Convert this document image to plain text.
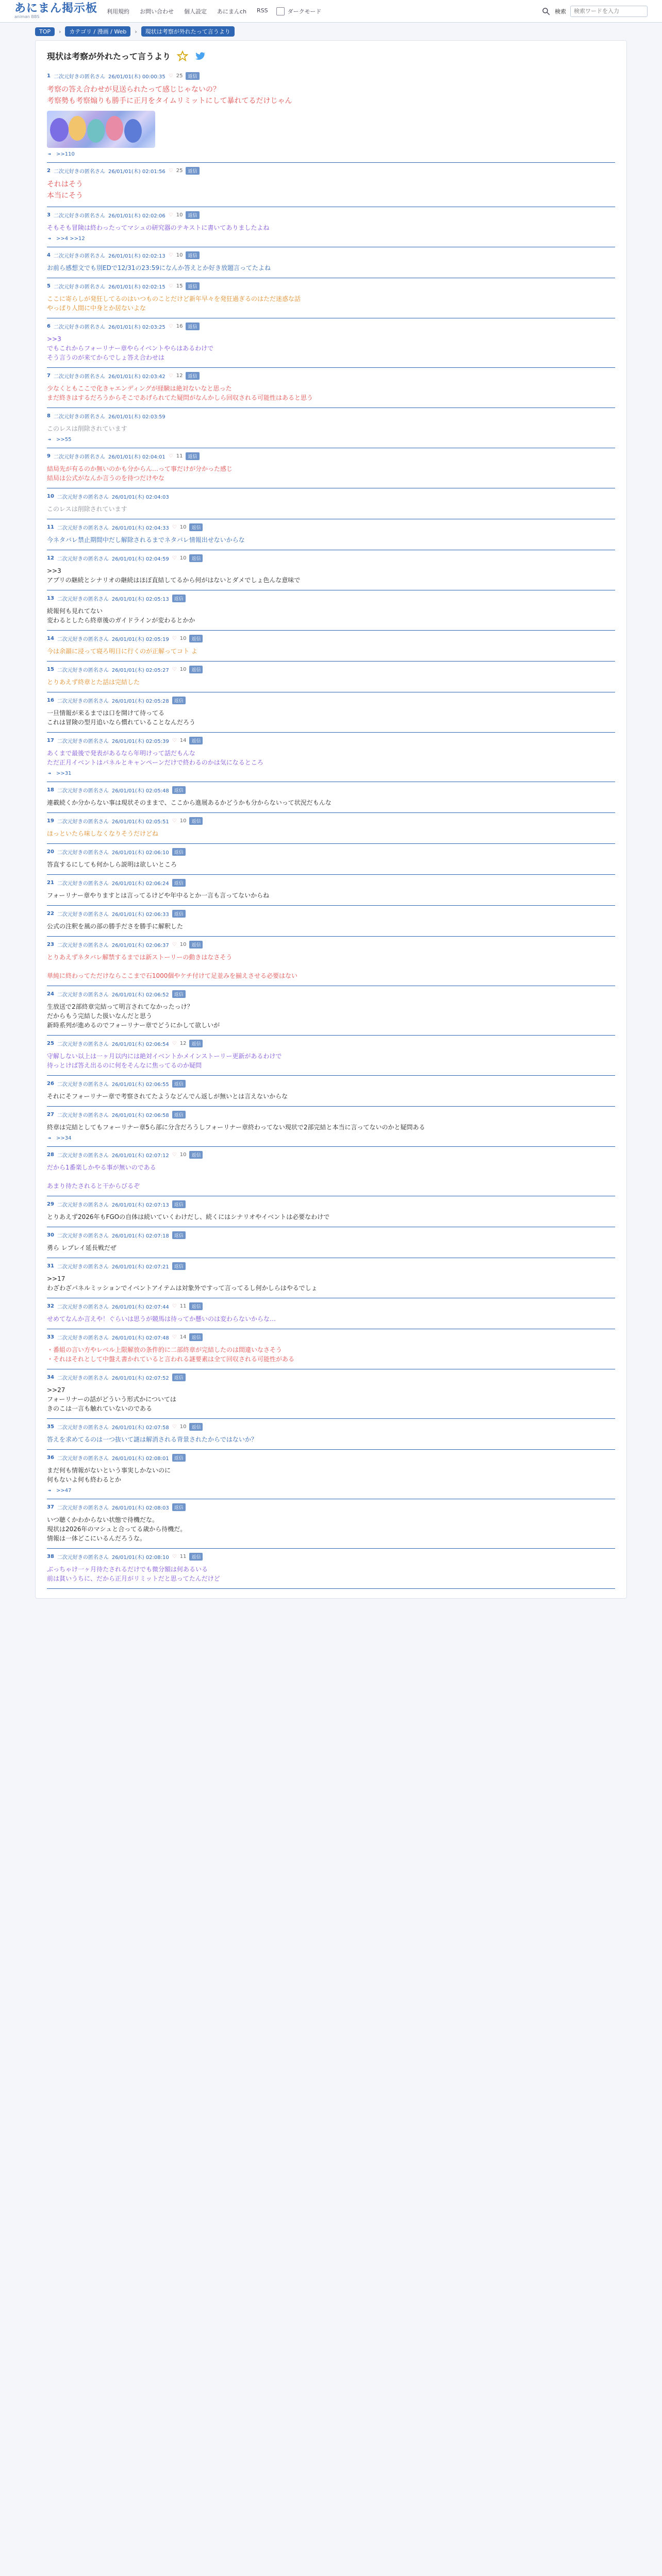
あにまん掲示板
animan BBS
利用規約 お問い合わせ 個人設定 あにまんch RSS	ダークモード	検索
検索ワードを入力
TOP	›	カテゴリ / 漫画 / Web	›	現状は考察が外れたって言うより
現状は考察が外れたって言うより
1 二次元好きの匿名さん 26/01/01(木) 00:00:35 ♡ 25	返信
考察の答え合わせが見送られたって感じじゃないの？
考察勢も考察煽りも勝手に正月をタイムリミットにして暴れてるだけじゃん
>>110
2 二次元好きの匿名さん 26/01/01(木) 02:01:56 ♡ 25	返信
それはそう
本当にそう
3 二次元好きの匿名さん 26/01/01(木) 02:02:06 ♡ 10	返信
そもそも冒険は終わったってマシュの研究器のテキストに書いてありましたよね
>>4 >>12
4 二次元好きの匿名さん 26/01/01(木) 02:02:13 ♡ 10	返信
お前ら感想文でも別EDで12/31の23:59になんか答えとか好き放題言ってたよね
5 二次元好きの匿名さん 26/01/01(木) 02:02:15 ♡ 15	返信
ここに寄らしが発狂してるのはいつものことだけど新年早々を発狂過ぎるのはただ迷惑な話
やっぱり人間に中身とか居ないよな
6 二次元好きの匿名さん 26/01/01(木) 02:03:25 ♡ 16	返信
>>3
でもこれからフォーリナー章やらイベントやらはあるわけで
そう言うのが来てからでしょ答え合わせは
7 二次元好きの匿名さん 26/01/01(木) 02:03:42 ♡ 12	返信
少なくともここで化きャエンディングが経験は絶対ないなと思った
まだ終きはするだろうからそこであげられてた疑問がなんかしら回収される可能性はあると思う
8 二次元好きの匿名さん 26/01/01(木) 02:03:59
このレスは削除されています
>>55
9 二次元好きの匿名さん 26/01/01(木) 02:04:01 ♡ 11	返信
結局先が有るのか無いのかも分からん…って事だけが分かった感じ
結局は公式がなんか言うのを待つだけやな
10 二次元好きの匿名さん 26/01/01(木) 02:04:03
このレスは削除されています
11 二次元好きの匿名さん 26/01/01(木) 02:04:33 ♡ 10	返信
今ネタバレ禁止期間中だし解除されるまでネタバレ情報出せないからな
12 二次元好きの匿名さん 26/01/01(木) 02:04:59 ♡ 10	返信
>>3
アプリの継続とシナリオの継続はほぼ直結してるから何がはないとダメでしょ色んな意味で
13 二次元好きの匿名さん 26/01/01(木) 02:05:13	返信
続報何も見れてない
変わるとしたら終章後のガイドラインが変わるとかか
14 二次元好きの匿名さん 26/01/01(木) 02:05:19 ♡ 10	返信
今は余韻に浸って寝ろ明日に行くのが正解ってコト よ
15 二次元好きの匿名さん 26/01/01(木) 02:05:27 ♡ 10	返信
とりあえず終章とた話は完結した
16 二次元好きの匿名さん 26/01/01(木) 02:05:28	返信
一旦情報が来るまでは口を開けて待ってる
これは冒険の型月追いなら慣れていることなんだろう
17 二次元好きの匿名さん 26/01/01(木) 02:05:39 ♡ 14	返信
あくまで最後で発表があるなら年明けって話だもんな
ただ正月イベントはパネルとキャンペーンだけで終わるのかは気になるところ
>>31
18 二次元好きの匿名さん 26/01/01(木) 02:05:48	返信
連載続くか分からない事は現状そのままで、ここから進展あるかどうかも分からないって状況だもんな
19 二次元好きの匿名さん 26/01/01(木) 02:05:51 ♡ 10	返信
ほっといたら味しなくなりそうだけどね
20 二次元好きの匿名さん 26/01/01(木) 02:06:10	返信
答直するにしても何かしら説明は欲しいところ
21 二次元好きの匿名さん 26/01/01(木) 02:06:24	返信
フォーリナー章やりますとは言ってるけどや年中るとか一言も言ってないからね
22 二次元好きの匿名さん 26/01/01(木) 02:06:33	返信
公式の注釈を風の部の勝手ださを勝手に解釈した
23 二次元好きの匿名さん 26/01/01(木) 02:06:37 ♡ 10	返信
とりあえずネタバレ解禁するまでは新ストーリーの動きはなさそう

単純に終わってただけならここまで石1000個やケチ付けて足並みを揃えさせる必要はない
24 二次元好きの匿名さん 26/01/01(木) 02:06:52	返信
生放送で2部終章完結って明言されてなかったっけ？
だからもう完結した扱いなんだと思う
新時系列が進めるのでフォーリナー章でどうにかして欲しいが
25 二次元好きの匿名さん 26/01/01(木) 02:06:54 ♡ 12	返信
守解しない以上は一ヶ月以内には絶対イベントかメインストーリー更新があるわけで
待っとけば答え出るのに何をそんなに焦ってるのか疑問
26 二次元好きの匿名さん 26/01/01(木) 02:06:55	返信
それにそフォーリナー章で考察されてたようなどんでん返しが無いとは言えないからな
27 二次元好きの匿名さん 26/01/01(木) 02:06:58	返信
終章は完結としてもフォーリナー章5ら部に分含だろうしフォーリナー章終わってない現状で2部完結と本当に言ってないのかと疑問ある
>>34
28 二次元好きの匿名さん 26/01/01(木) 02:07:12 ♡ 10	返信
だから1番楽しかやる事が無いのである

あまり待たされると干からびるぞ
29 二次元好きの匿名さん 26/01/01(木) 02:07:13	返信
とりあえず2026年もFGOの自体は続いていくわけだし、続くにはシナリオやイベントは必要なわけで
30 二次元好きの匿名さん 26/01/01(木) 02:07:18	返信
勇ら レプレイ延長戦だぜ
31 二次元好きの匿名さん 26/01/01(木) 02:07:21	返信
>>17
わざわざパネルミッションでイベントアイテムは対象外ですって言ってるし何かしらはやるでしょ
32 二次元好きの匿名さん 26/01/01(木) 02:07:44 ♡ 11	返信
せめてなんか言えや！ぐらいは思うが競馬は待ってか懸いのは変わらないからな…
33 二次元好きの匿名さん 26/01/01(木) 02:07:48 ♡ 14	返信
・番組の言い方やレベル上限解放の条件的に二部終章が完結したのは間違いなさそう
・それはそれとして中盤え書かれていると言われる謎要素は全て回収される可能性がある
34 二次元好きの匿名さん 26/01/01(木) 02:07:52	返信
>>27
フォーリナーの話がどういう形式かについては
きのこは一言も触れていないのである
35 二次元好きの匿名さん 26/01/01(木) 02:07:58 ♡ 10	返信
答えを求めてるのは一つ抜いて謎は解消される背景されたからではないか？
36 二次元好きの匿名さん 26/01/01(木) 02:08:01	返信
まだ何も情報がないという事実しかないのに
何もないよ何も終わるとか
>>47
37 二次元好きの匿名さん 26/01/01(木) 02:08:03	返信
いつ聴くかわからない状態で待機だな。
現状は2026年のマシュと合ってる歳から待機だ。
情報は一体どこにいるんだろうな。
38 二次元好きの匿名さん 26/01/01(木) 02:08:10 ♡ 11	返信
ぶっちゃけ一ヶ月待たされるだけでも微分額は何あるいる
前は貧いうちに、だから正月がリミットだと思ってたんだけど
